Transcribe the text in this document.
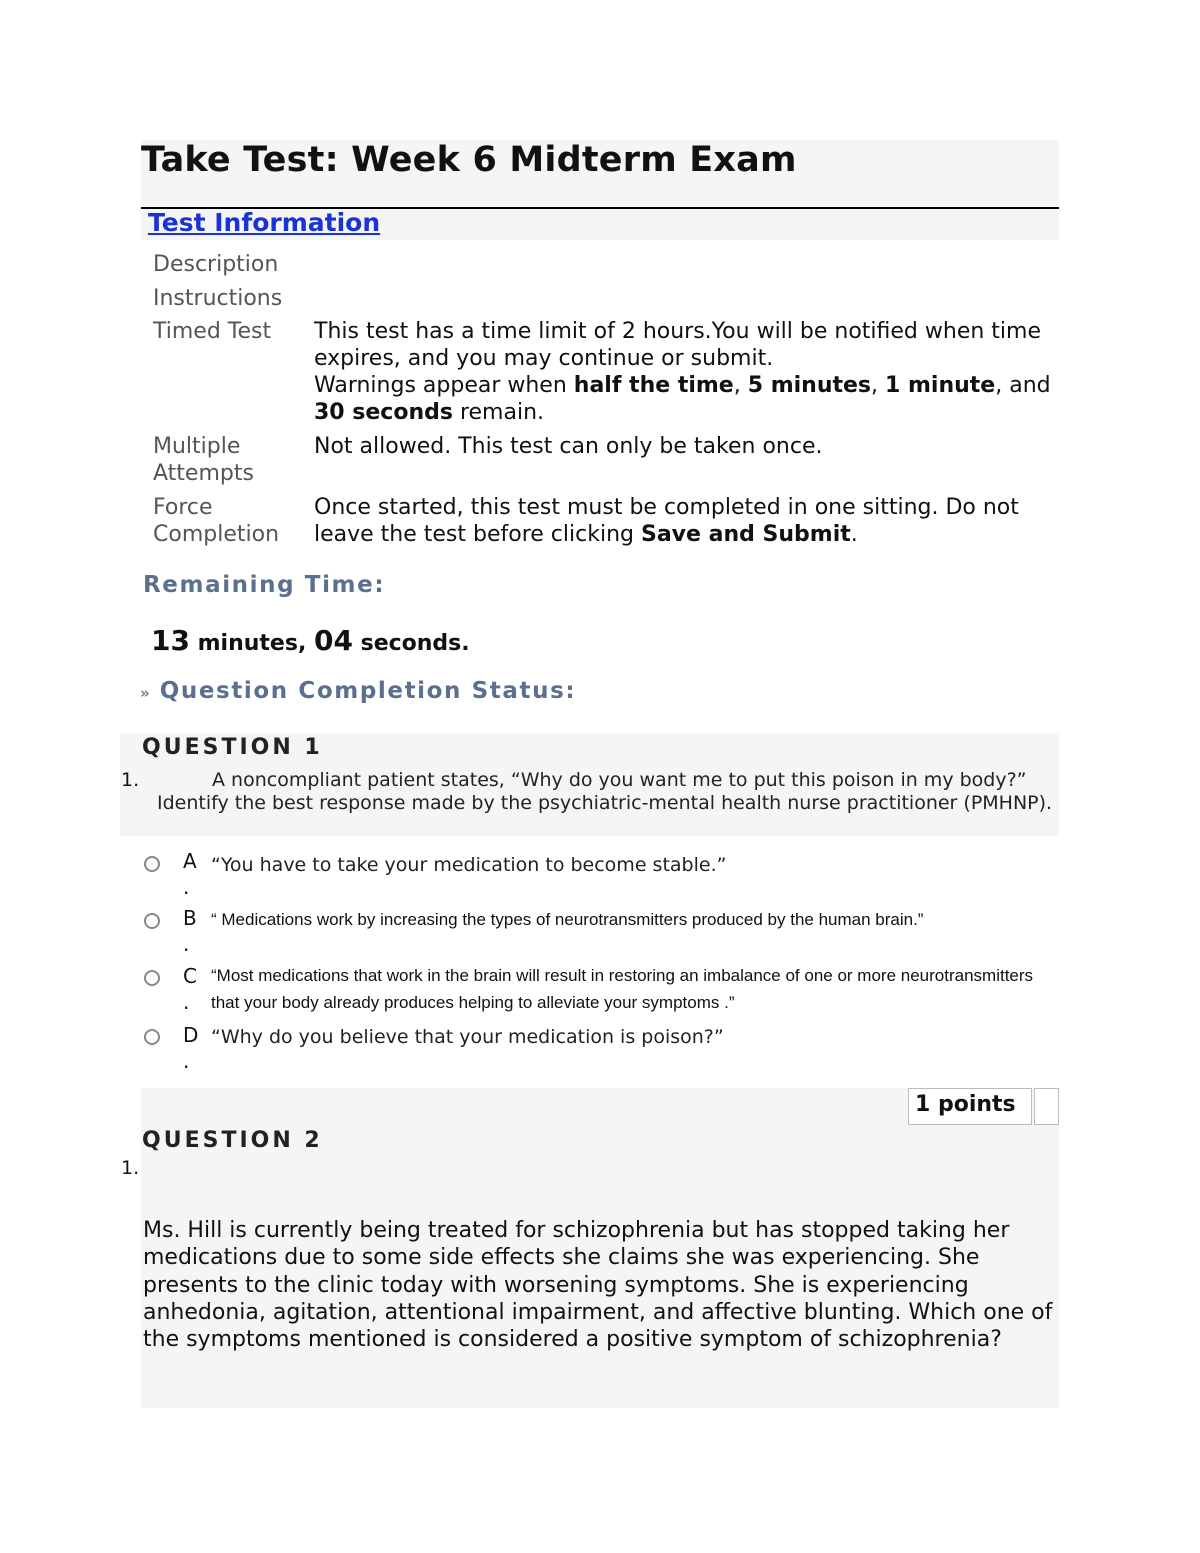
Take Test: Week 6 Midterm Exam
Test Information
Description
Instructions
Timed Test	This test has a time limit of 2 hours.You will be notified when time expires, and you may continue or submit.
Warnings appear when half the time, 5 minutes, 1 minute, and 30 seconds remain.
Multiple Attempts
Not allowed. This test can only be taken once.
Force Completion
Once started, this test must be completed in one sitting. Do not leave the test before clicking Save and Submit.
Remaining Time:
13 minutes, 04 seconds.
» Question Completion Status:
QUESTION 1
1.	A noncompliant patient states, “Why do you want me to put this poison in my body?”
Identify the best response made by the psychiatric-mental health nurse practitioner (PMHNP).
A
.
“You have to take your medication to become stable.”
B
.
“ Medications work by increasing the types of neurotransmitters produced by the human brain.”
C
.
“Most medications that work in the brain will result in restoring an imbalance of one or more neurotransmitters that your body already produces helping to alleviate your symptoms .”
D
.
“Why do you believe that your medication is poison?”
1 points
QUESTION 2
1.
Ms. Hill is currently being treated for schizophrenia but has stopped taking her medications due to some side effects she claims she was experiencing. She presents to the clinic today with worsening symptoms. She is experiencing anhedonia, agitation, attentional impairment, and affective blunting. Which one of the symptoms mentioned is considered a positive symptom of schizophrenia?
